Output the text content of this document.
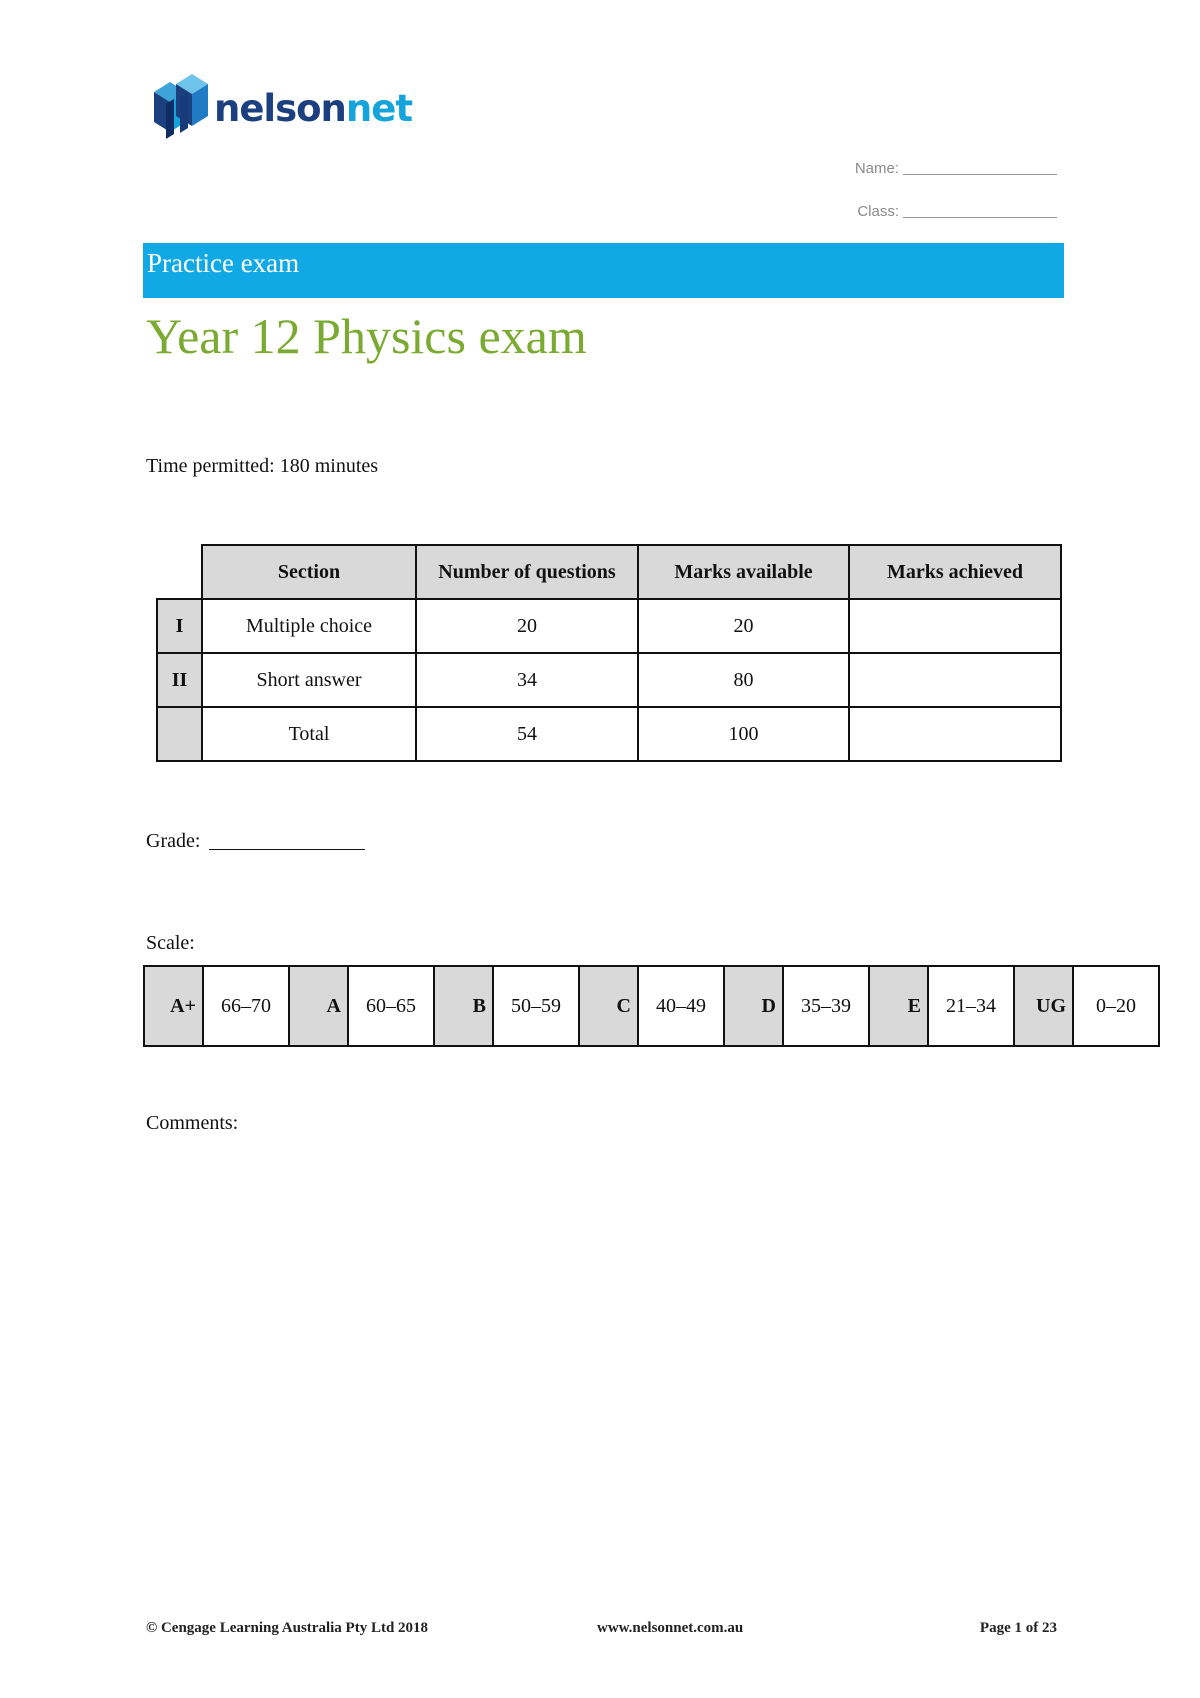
nelsonnet
Name:
Class:
Practice exam
Year 12 Physics exam
Time permitted: 180 minutes
	Section	Number of questions	Marks available	Marks achieved
I	Multiple choice	20	20	
II	Short answer	34	80	
	Total	54	100	
Grade:
Scale:
A+	66–70	A	60–65	B	50–59	C	40–49	D	35–39	E	21–34	UG	0–20
Comments:
© Cengage Learning Australia Pty Ltd 2018	www.nelsonnet.com.au	Page 1 of 23
